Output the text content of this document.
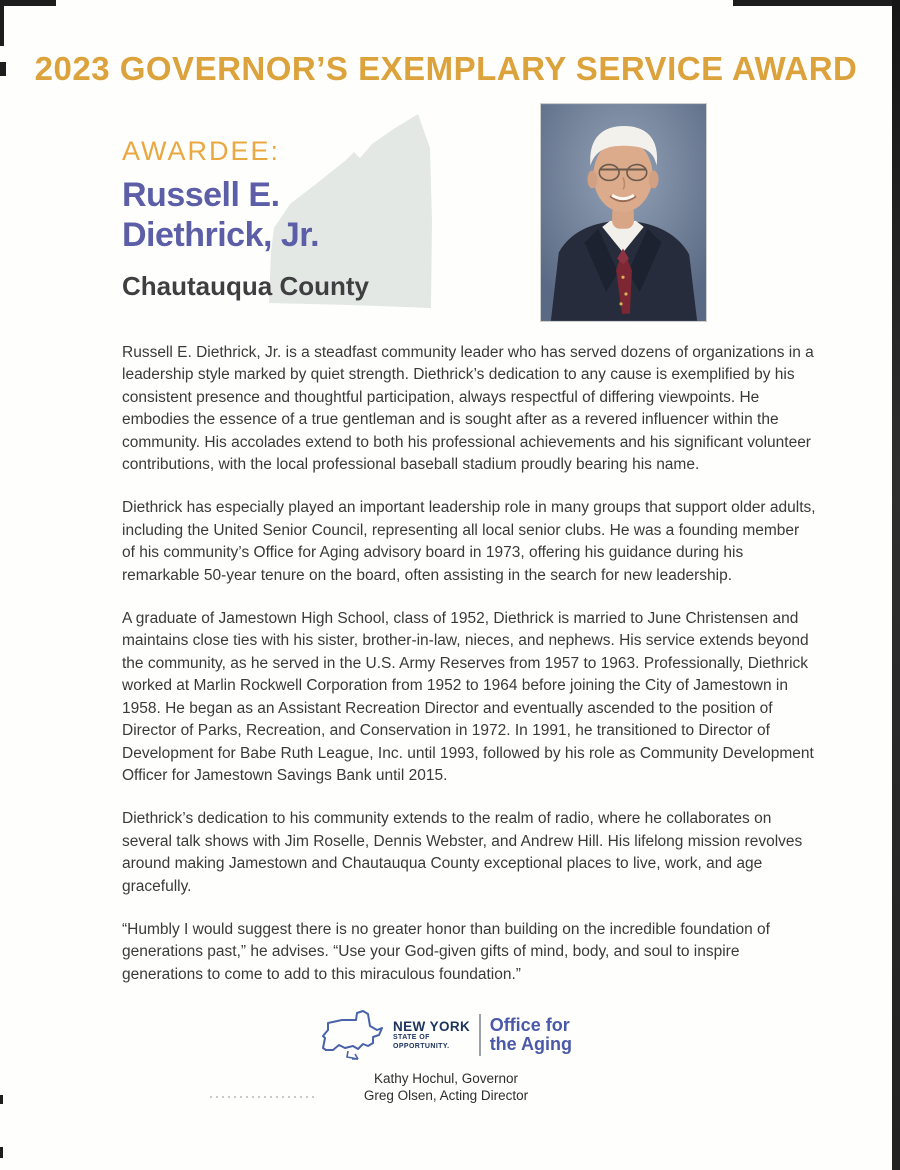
2023 GOVERNOR’S EXEMPLARY SERVICE AWARD
AWARDEE:
Russell E.
Diethrick, Jr.
Chautauqua County

Russell E. Diethrick, Jr. is a steadfast community leader who has served dozens of organizations in a leadership style marked by quiet strength. Diethrick’s dedication to any cause is exemplified by his consistent presence and thoughtful participation, always respectful of differing viewpoints. He embodies the essence of a true gentleman and is sought after as a revered influencer within the community. His accolades extend to both his professional achievements and his significant volunteer contributions, with the local professional baseball stadium proudly bearing his name.

Diethrick has especially played an important leadership role in many groups that support older adults, including the United Senior Council, representing all local senior clubs. He was a founding member of his community’s Office for Aging advisory board in 1973, offering his guidance during his remarkable 50-year tenure on the board, often assisting in the search for new leadership.

A graduate of Jamestown High School, class of 1952, Diethrick is married to June Christensen and maintains close ties with his sister, brother-in-law, nieces, and nephews. His service extends beyond the community, as he served in the U.S. Army Reserves from 1957 to 1963. Professionally, Diethrick worked at Marlin Rockwell Corporation from 1952 to 1964 before joining the City of Jamestown in 1958. He began as an Assistant Recreation Director and eventually ascended to the position of Director of Parks, Recreation, and Conservation in 1972. In 1991, he transitioned to Director of Development for Babe Ruth League, Inc. until 1993, followed by his role as Community Development Officer for Jamestown Savings Bank until 2015.

Diethrick’s dedication to his community extends to the realm of radio, where he collaborates on several talk shows with Jim Roselle, Dennis Webster, and Andrew Hill. His lifelong mission revolves around making Jamestown and Chautauqua County exceptional places to live, work, and age gracefully.

“Humbly I would suggest there is no greater honor than building on the incredible foundation of generations past,” he advises. “Use your God-given gifts of mind, body, and soul to inspire generations to come to add to this miraculous foundation.”

NEW YORK
STATE OF
OPPORTUNITY.
Office for
the Aging
Kathy Hochul, Governor
Greg Olsen, Acting Director
